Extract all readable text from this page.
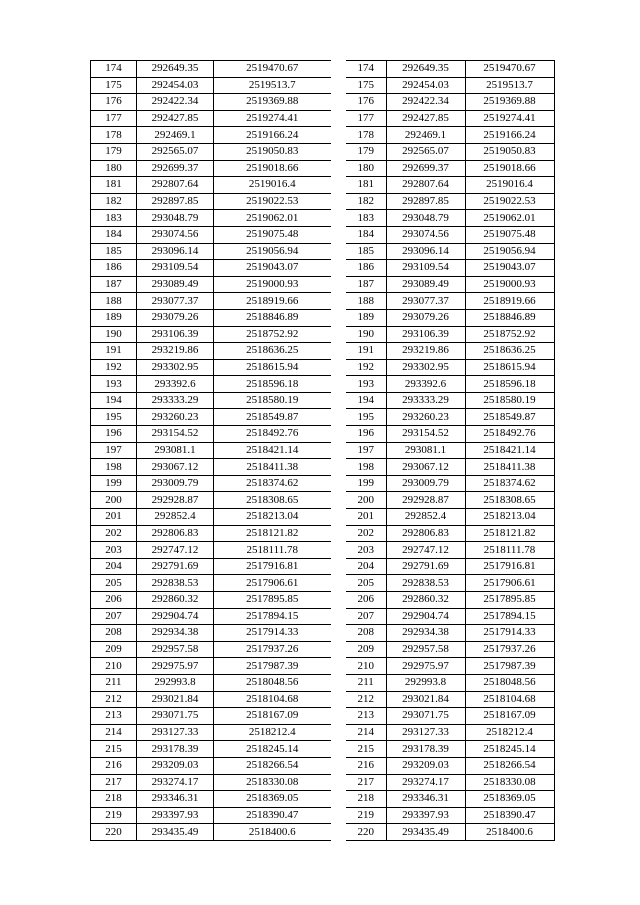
174	292649.35	2519470.67
175	292454.03	2519513.7
176	292422.34	2519369.88
177	292427.85	2519274.41
178	292469.1	2519166.24
179	292565.07	2519050.83
180	292699.37	2519018.66
181	292807.64	2519016.4
182	292897.85	2519022.53
183	293048.79	2519062.01
184	293074.56	2519075.48
185	293096.14	2519056.94
186	293109.54	2519043.07
187	293089.49	2519000.93
188	293077.37	2518919.66
189	293079.26	2518846.89
190	293106.39	2518752.92
191	293219.86	2518636.25
192	293302.95	2518615.94
193	293392.6	2518596.18
194	293333.29	2518580.19
195	293260.23	2518549.87
196	293154.52	2518492.76
197	293081.1	2518421.14
198	293067.12	2518411.38
199	293009.79	2518374.62
200	292928.87	2518308.65
201	292852.4	2518213.04
202	292806.83	2518121.82
203	292747.12	2518111.78
204	292791.69	2517916.81
205	292838.53	2517906.61
206	292860.32	2517895.85
207	292904.74	2517894.15
208	292934.38	2517914.33
209	292957.58	2517937.26
210	292975.97	2517987.39
211	292993.8	2518048.56
212	293021.84	2518104.68
213	293071.75	2518167.09
214	293127.33	2518212.4
215	293178.39	2518245.14
216	293209.03	2518266.54
217	293274.17	2518330.08
218	293346.31	2518369.05
219	293397.93	2518390.47
220	293435.49	2518400.6
174	292649.35	2519470.67
175	292454.03	2519513.7
176	292422.34	2519369.88
177	292427.85	2519274.41
178	292469.1	2519166.24
179	292565.07	2519050.83
180	292699.37	2519018.66
181	292807.64	2519016.4
182	292897.85	2519022.53
183	293048.79	2519062.01
184	293074.56	2519075.48
185	293096.14	2519056.94
186	293109.54	2519043.07
187	293089.49	2519000.93
188	293077.37	2518919.66
189	293079.26	2518846.89
190	293106.39	2518752.92
191	293219.86	2518636.25
192	293302.95	2518615.94
193	293392.6	2518596.18
194	293333.29	2518580.19
195	293260.23	2518549.87
196	293154.52	2518492.76
197	293081.1	2518421.14
198	293067.12	2518411.38
199	293009.79	2518374.62
200	292928.87	2518308.65
201	292852.4	2518213.04
202	292806.83	2518121.82
203	292747.12	2518111.78
204	292791.69	2517916.81
205	292838.53	2517906.61
206	292860.32	2517895.85
207	292904.74	2517894.15
208	292934.38	2517914.33
209	292957.58	2517937.26
210	292975.97	2517987.39
211	292993.8	2518048.56
212	293021.84	2518104.68
213	293071.75	2518167.09
214	293127.33	2518212.4
215	293178.39	2518245.14
216	293209.03	2518266.54
217	293274.17	2518330.08
218	293346.31	2518369.05
219	293397.93	2518390.47
220	293435.49	2518400.6
